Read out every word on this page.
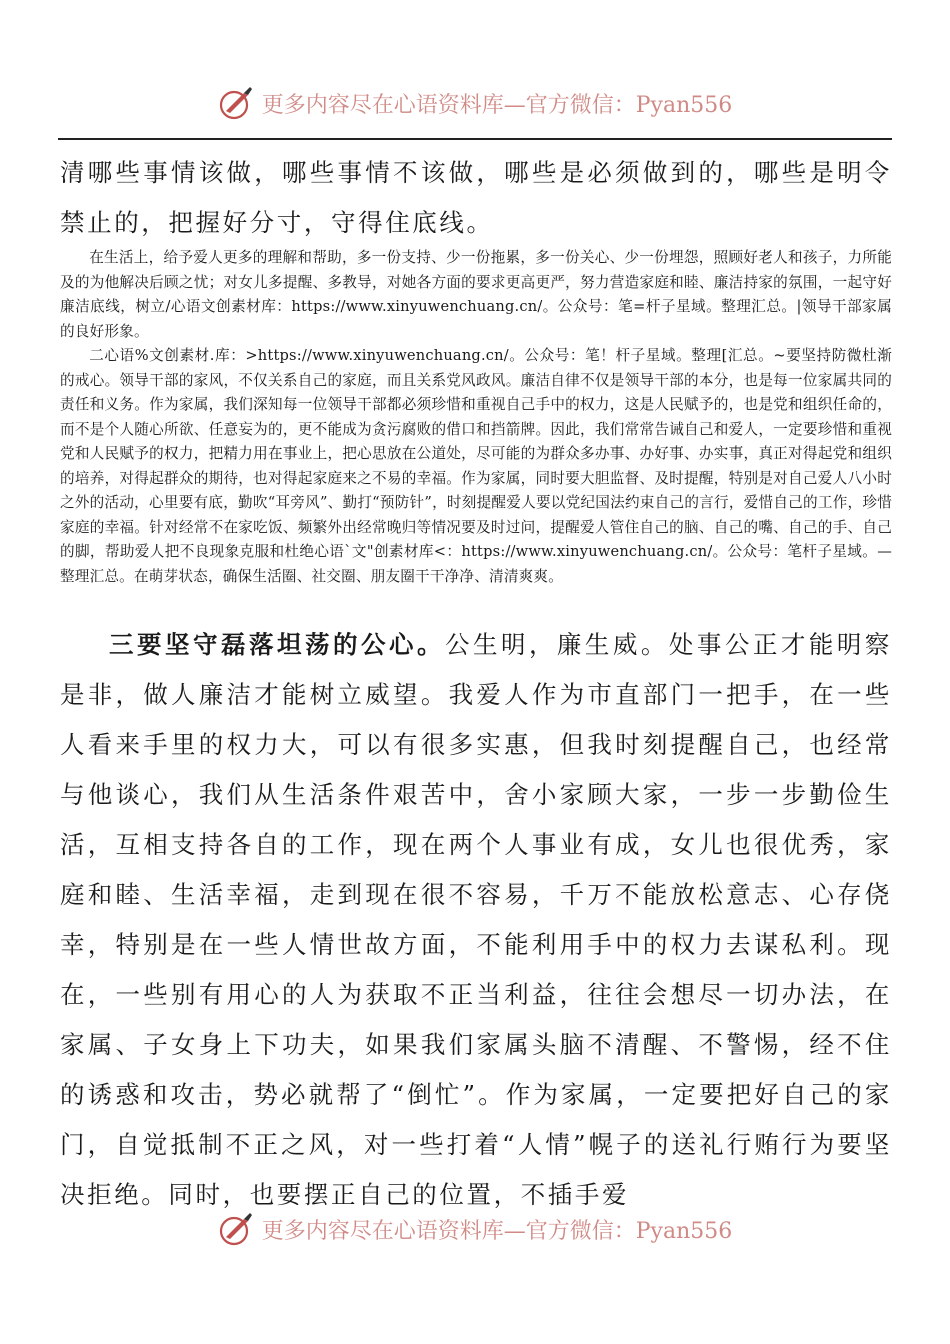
更多内容尽在心语资料库—官方微信：Pyan556
清哪些事情该做，哪些事情不该做，哪些是必须做到的，哪些是明令禁止的，把握好分寸，守得住底线。

在生活上，给予爱人更多的理解和帮助，多一份支持、少一份拖累，多一份关心、少一份埋怨，照顾好老人和孩子，力所能及的为他解决后顾之忧；对女儿多提醒、多教导，对她各方面的要求更高更严，努力营造家庭和睦、廉洁持家的氛围，一起守好廉洁底线，树立/心语文创素材库：https://www.xinyuwenchuang.cn/。公众号：笔=杆子星域。整理汇总。|领导干部家属的良好形象。

二心语%文创素材.库：>https://www.xinyuwenchuang.cn/。公众号：笔！杆子星域。整理[汇总。~要坚持防微杜渐的戒心。领导干部的家风，不仅关系自己的家庭，而且关系党风政风。廉洁自律不仅是领导干部的本分，也是每一位家属共同的责任和义务。作为家属，我们深知每一位领导干部都必须珍惜和重视自己手中的权力，这是人民赋予的，也是党和组织任命的，而不是个人随心所欲、任意妄为的，更不能成为贪污腐败的借口和挡箭牌。因此，我们常常告诫自己和爱人，一定要珍惜和重视党和人民赋予的权力，把精力用在事业上，把心思放在公道处，尽可能的为群众多办事、办好事、办实事，真正对得起党和组织的培养，对得起群众的期待，也对得起家庭来之不易的幸福。作为家属，同时要大胆监督、及时提醒，特别是对自己爱人八小时之外的活动，心里要有底，勤吹“耳旁风”、勤打“预防针”，时刻提醒爱人要以党纪国法约束自己的言行，爱惜自己的工作，珍惜家庭的幸福。针对经常不在家吃饭、频繁外出经常晚归等情况要及时过问，提醒爱人管住自己的脑、自己的嘴、自己的手、自己的脚，帮助爱人把不良现象克服和杜绝心语`文"创素材库<：https://www.xinyuwenchuang.cn/。公众号：笔杆子星域。—整理汇总。在萌芽状态，确保生活圈、社交圈、朋友圈干干净净、清清爽爽。

三要坚守磊落坦荡的公心。公生明，廉生威。处事公正才能明察是非，做人廉洁才能树立威望。我爱人作为市直部门一把手，在一些人看来手里的权力大，可以有很多实惠，但我时刻提醒自己，也经常与他谈心，我们从生活条件艰苦中，舍小家顾大家，一步一步勤俭生活，互相支持各自的工作，现在两个人事业有成，女儿也很优秀，家庭和睦、生活幸福，走到现在很不容易，千万不能放松意志、心存侥幸，特别是在一些人情世故方面，不能利用手中的权力去谋私利。现在，一些别有用心的人为获取不正当利益，往往会想尽一切办法，在家属、子女身上下功夫，如果我们家属头脑不清醒、不警惕，经不住的诱惑和攻击，势必就帮了“倒忙”。作为家属，一定要把好自己的家门，自觉抵制不正之风，对一些打着“人情”幌子的送礼行贿行为要坚决拒绝。同时，也要摆正自己的位置，不插手爱
更多内容尽在心语资料库—官方微信：Pyan556
